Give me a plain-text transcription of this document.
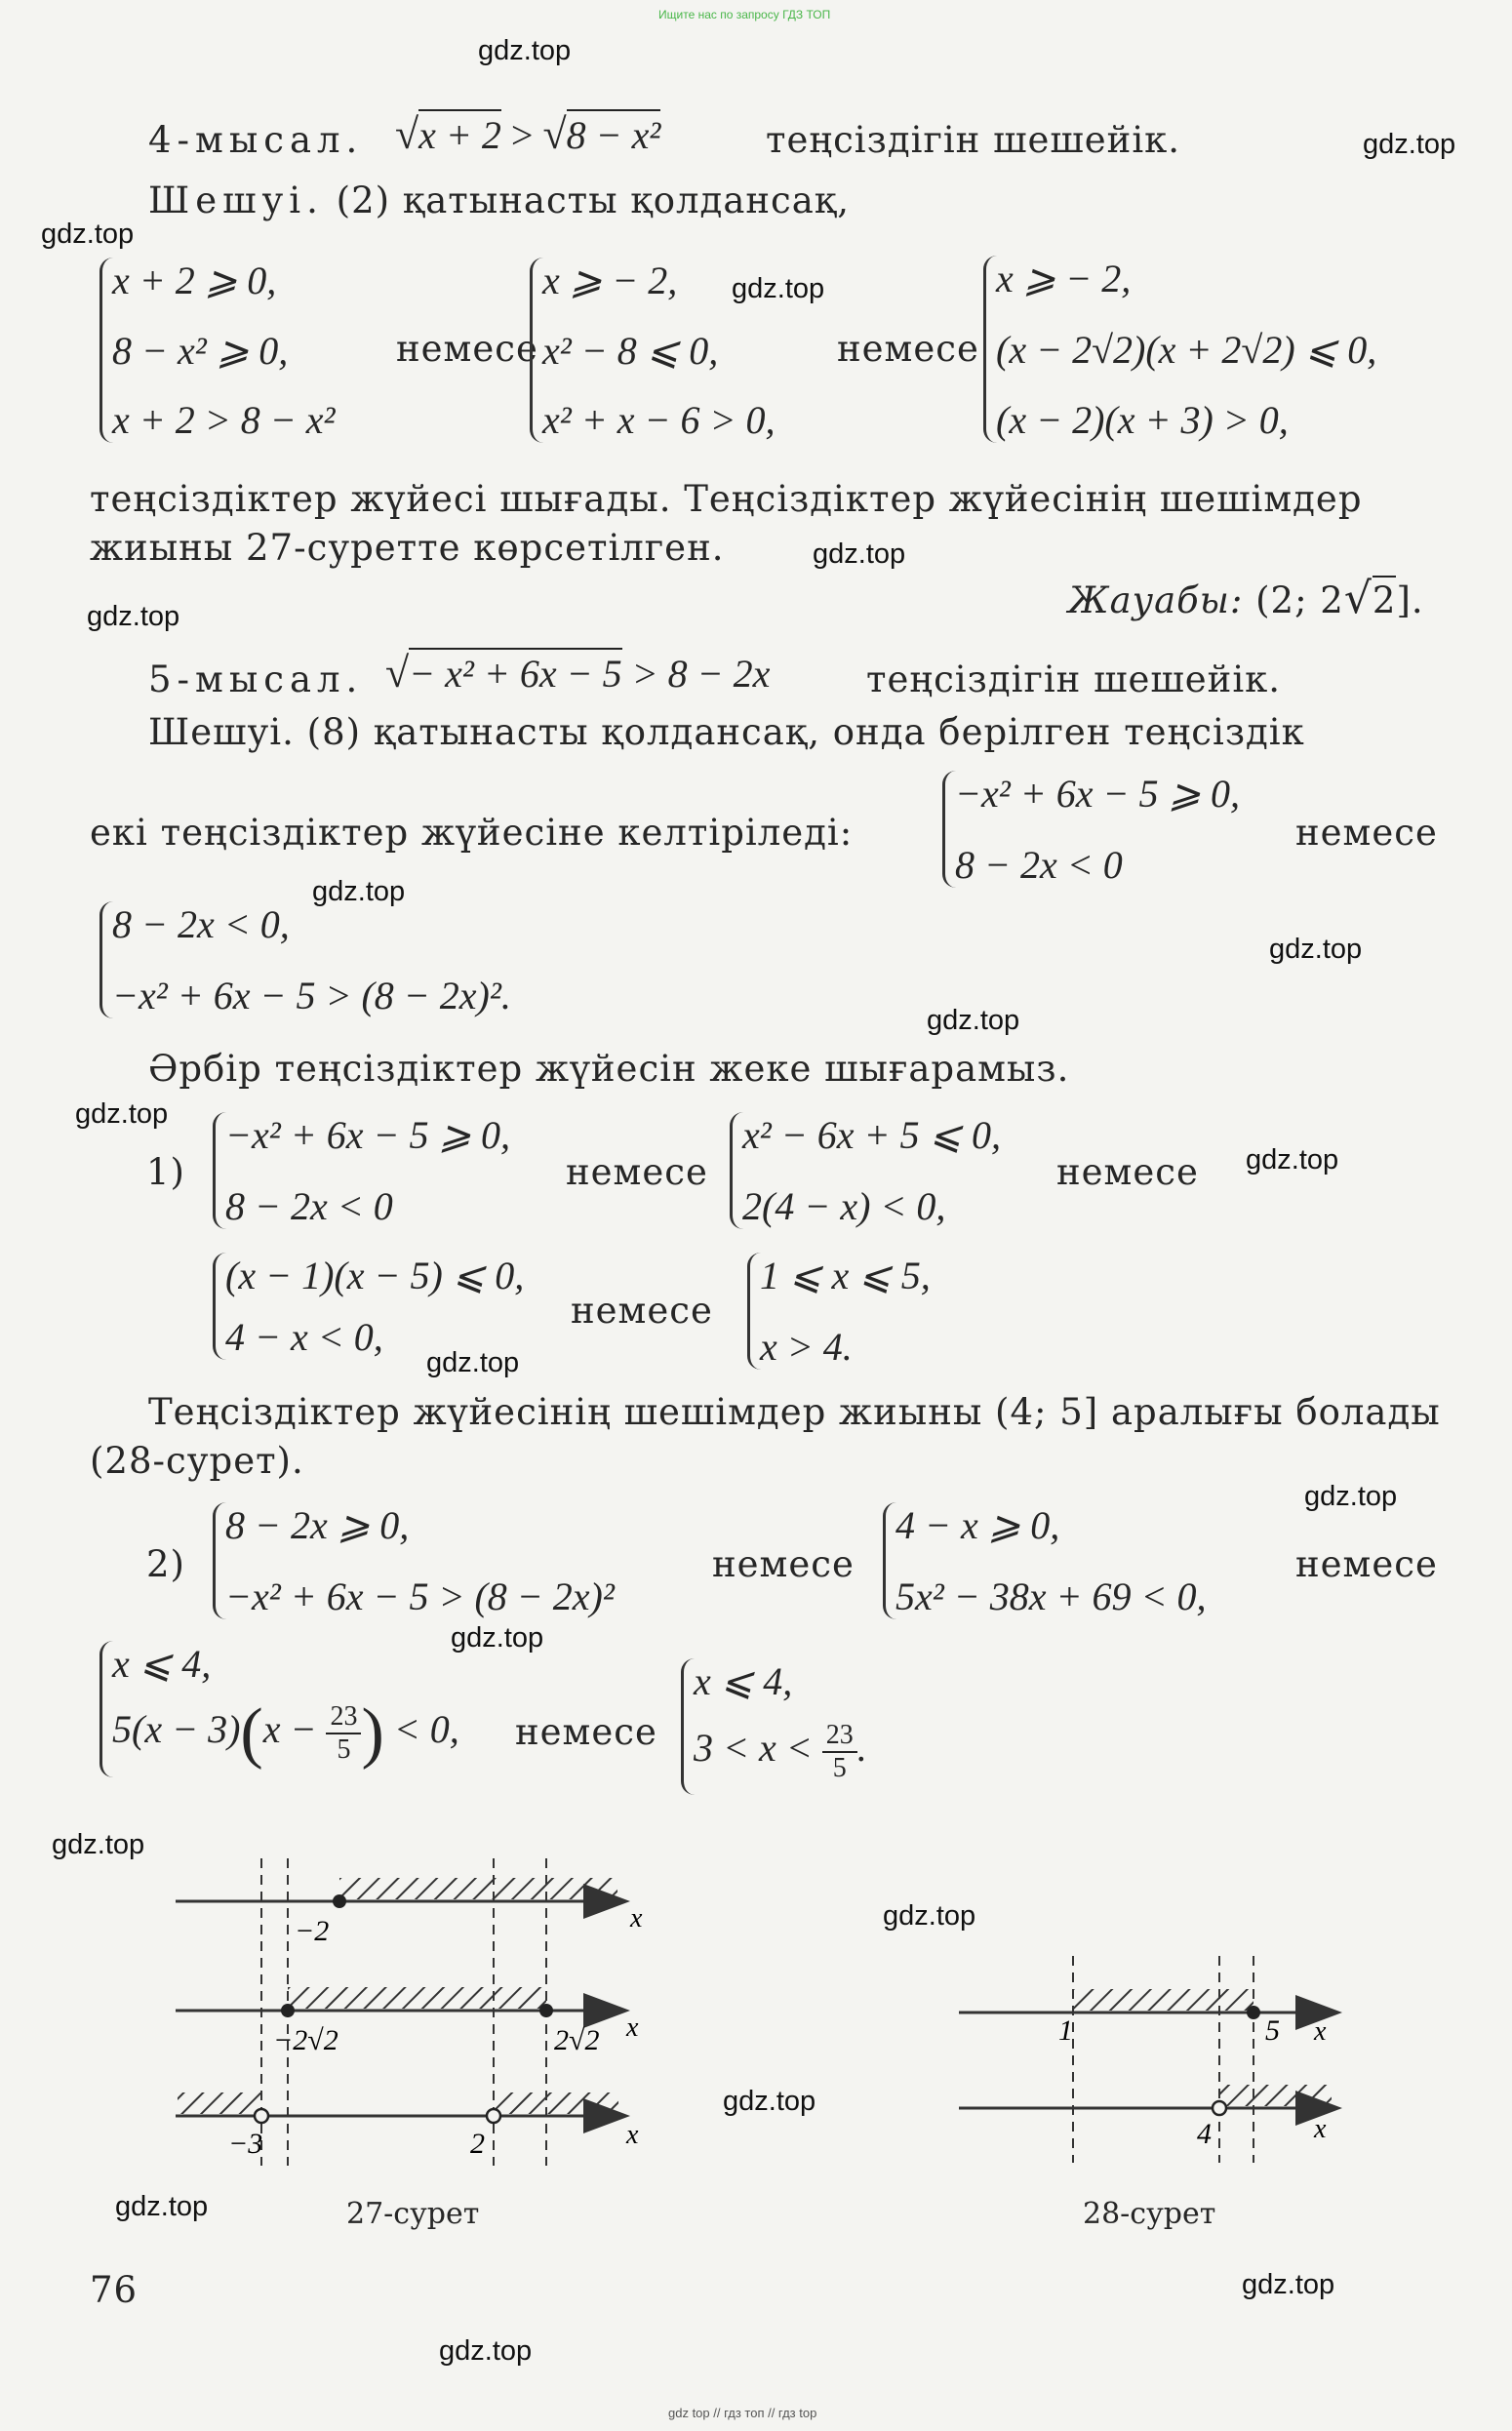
Ищите нас по запросу ГДЗ ТОП
gdz top // гдз топ // гдз top
gdz.top
gdz.top
gdz.top
gdz.top
gdz.top
gdz.top
gdz.top
gdz.top
gdz.top
gdz.top
gdz.top
gdz.top
gdz.top
gdz.top
gdz.top
gdz.top
gdz.top
gdz.top
gdz.top
gdz.top
4-мысал. √x + 2 > √8 − x²	теңсіздігін шешейік.
Шешуі. (2) қатынасты қолдансақ,
x + 2 ⩾ 0,
8 − x² ⩾ 0,
x + 2 > 8 − x²
немесе
x ⩾ − 2,
x² − 8 ⩽ 0,
x² + x − 6 > 0,
немесе
x ⩾ − 2,
(x − 2√2)(x + 2√2) ⩽ 0,
(x − 2)(x + 3) > 0,
теңсіздіктер жүйесі шығады. Теңсіздіктер жүйесінің шешімдер
жиыны 27-суретте көрсетілген.
Жауабы: (2; 2√2].
5-мысал. √− x² + 6x − 5 > 8 − 2x	теңсіздігін шешейік.
Шешуі. (8) қатынасты қолдансақ, онда берілген теңсіздік
екі теңсіздіктер жүйесіне келтіріледі:
−x² + 6x − 5 ⩾ 0,
8 − 2x < 0
немесе
8 − 2x < 0,
−x² + 6x − 5 > (8 − 2x)².
Әрбір теңсіздіктер жүйесін жеке шығарамыз.
1)
−x² + 6x − 5 ⩾ 0,
8 − 2x < 0
немесе
x² − 6x + 5 ⩽ 0,
2(4 − x) < 0,
немесе
(x − 1)(x − 5) ⩽ 0,
4 − x < 0,
немесе
1 ⩽ x ⩽ 5,
x > 4.
Теңсіздіктер жүйесінің шешімдер жиыны (4; 5] аралығы болады
(28-сурет).
2)
8 − 2x ⩾ 0,
−x² + 6x − 5 > (8 − 2x)²
немесе
4 − x ⩾ 0,
5x² − 38x + 69 < 0,
немесе
x ⩽ 4,
$5(x - 3)(x - \frac{23}{5}$ ) < 0, немесе
x ⩽ 4,
$3 < x < \frac{23}{5}$ .
−2	x
−2√2	2√2 x
−3	2	x
27-сурет
1	5 x
4	x
28-сурет
76
